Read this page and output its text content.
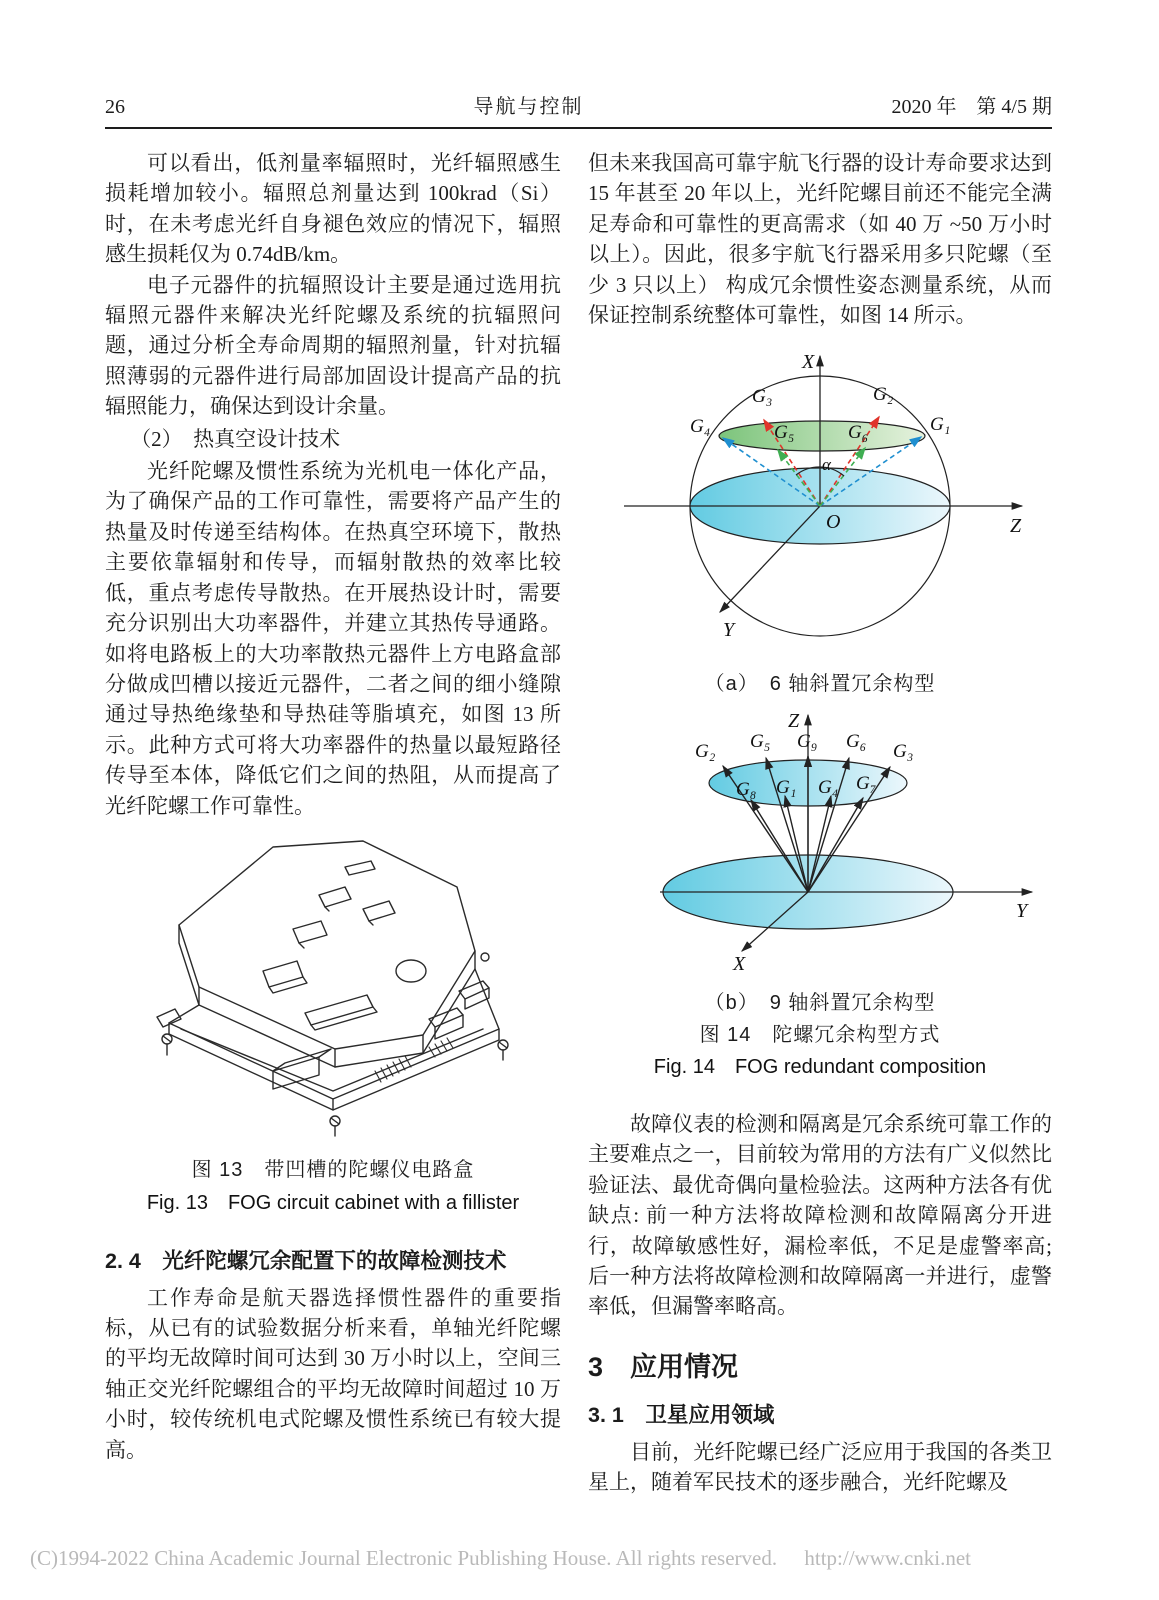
26	导航与控制	2020 年　第 4/5 期

可以看出，低剂量率辐照时，光纤辐照感生损耗增加较小。辐照总剂量达到 100krad（Si） 时，在未考虑光纤自身褪色效应的情况下，辐照感生损耗仅为 0.74dB/km。

电子元器件的抗辐照设计主要是通过选用抗辐照元器件来解决光纤陀螺及系统的抗辐照问题，通过分析全寿命周期的辐照剂量，针对抗辐照薄弱的元器件进行局部加固设计提高产品的抗辐照能力，确保达到设计余量。

（2）　热真空设计技术

光纤陀螺及惯性系统为光机电一体化产品，为了确保产品的工作可靠性，需要将产品产生的热量及时传递至结构体。在热真空环境下，散热主要依靠辐射和传导，而辐射散热的效率比较低，重点考虑传导散热。在开展热设计时，需要充分识别出大功率器件，并建立其热传导通路。如将电路板上的大功率散热元器件上方电路盒部分做成凹槽以接近元器件，二者之间的细小缝隙通过导热绝缘垫和导热硅等脂填充，如图 13 所示。此种方式可将大功率器件的热量以最短路径传导至本体，降低它们之间的热阻，从而提高了光纤陀螺工作可靠性。

图 13　带凹槽的陀螺仪电路盒

Fig. 13　FOG circuit cabinet with a fillister

2. 4　光纤陀螺冗余配置下的故障检测技术

工作寿命是航天器选择惯性器件的重要指标，从已有的试验数据分析来看，单轴光纤陀螺的平均无故障时间可达到 30 万小时以上，空间三轴正交光纤陀螺组合的平均无故障时间超过 10 万小时，较传统机电式陀螺及惯性系统已有较大提高。

但未来我国高可靠宇航飞行器的设计寿命要求达到 15 年甚至 20 年以上，光纤陀螺目前还不能完全满足寿命和可靠性的更高需求（如 40 万 ~50 万小时以上）。因此，很多宇航飞行器采用多只陀螺（至少 3 只以上） 构成冗余惯性姿态测量系统，从而保证控制系统整体可靠性，如图 14 所示。

X
Z
Y
O
α
G₄
G₃
G₅
G₂
G₆	G₁

（a）　6 轴斜置冗余构型

Z
Y
X
G₂ G₅ G₉ G₆ G₃
G₈ G₁ G₄ G₇

（b）　9 轴斜置冗余构型

图 14　陀螺冗余构型方式

Fig. 14　FOG redundant composition

故障仪表的检测和隔离是冗余系统可靠工作的主要难点之一，目前较为常用的方法有广义似然比验证法、最优奇偶向量检验法。这两种方法各有优缺点: 前一种方法将故障检测和故障隔离分开进行，故障敏感性好，漏检率低，不足是虚警率高; 后一种方法将故障检测和故障隔离一并进行，虚警率低，但漏警率略高。

3　应用情况
3. 1　卫星应用领域

目前，光纤陀螺已经广泛应用于我国的各类卫星上，随着军民技术的逐步融合，光纤陀螺及

(C)1994-2022 China Academic Journal Electronic Publishing House. All rights reserved. http://www.cnki.net
